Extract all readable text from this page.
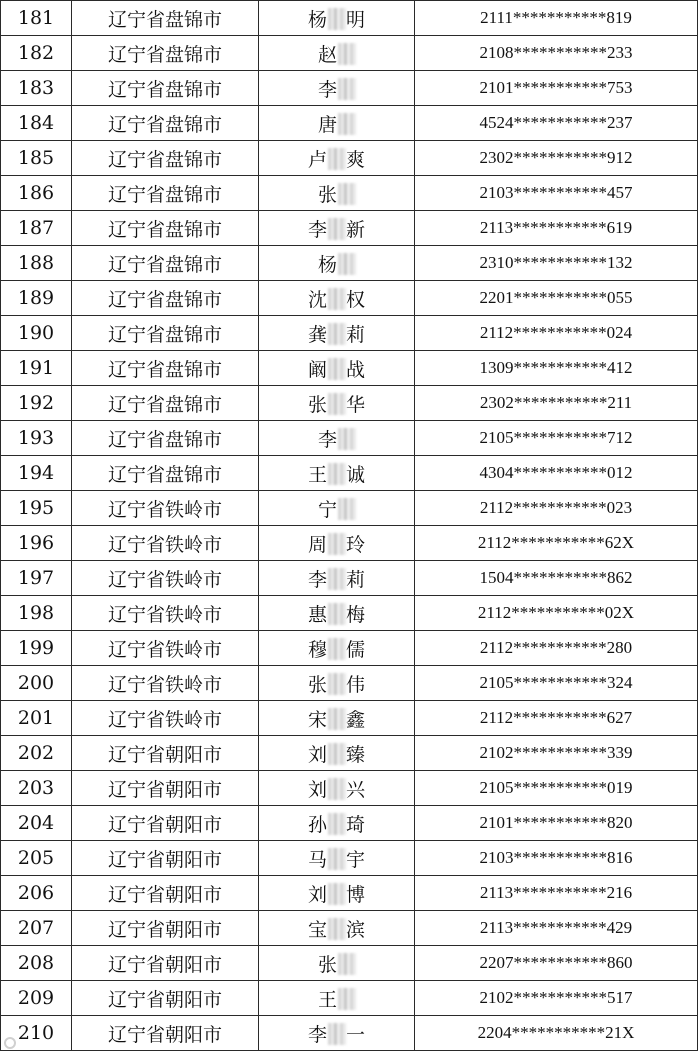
181	辽宁省盘锦市	杨 明	2111***********819
182	辽宁省盘锦市	赵	2108***********233
183	辽宁省盘锦市	李	2101***********753
184	辽宁省盘锦市	唐	4524***********237
185	辽宁省盘锦市	卢 爽	2302***********912
186	辽宁省盘锦市	张	2103***********457
187	辽宁省盘锦市	李 新	2113***********619
188	辽宁省盘锦市	杨	2310***********132
189	辽宁省盘锦市	沈 权	2201***********055
190	辽宁省盘锦市	龚 莉	2112***********024
191	辽宁省盘锦市	阚 战	1309***********412
192	辽宁省盘锦市	张 华	2302***********211
193	辽宁省盘锦市	李	2105***********712
194	辽宁省盘锦市	王 诚	4304***********012
195	辽宁省铁岭市	宁	2112***********023
196	辽宁省铁岭市	周 玲	2112***********62X
197	辽宁省铁岭市	李 莉	1504***********862
198	辽宁省铁岭市	惠 梅	2112***********02X
199	辽宁省铁岭市	穆 儒	2112***********280
200	辽宁省铁岭市	张 伟	2105***********324
201	辽宁省铁岭市	宋 鑫	2112***********627
202	辽宁省朝阳市	刘 臻	2102***********339
203	辽宁省朝阳市	刘 兴	2105***********019
204	辽宁省朝阳市	孙 琦	2101***********820
205	辽宁省朝阳市	马 宇	2103***********816
206	辽宁省朝阳市	刘 博	2113***********216
207	辽宁省朝阳市	宝 滨	2113***********429
208	辽宁省朝阳市	张	2207***********860
209	辽宁省朝阳市	王	2102***********517
210	辽宁省朝阳市	李 一	2204***********21X
